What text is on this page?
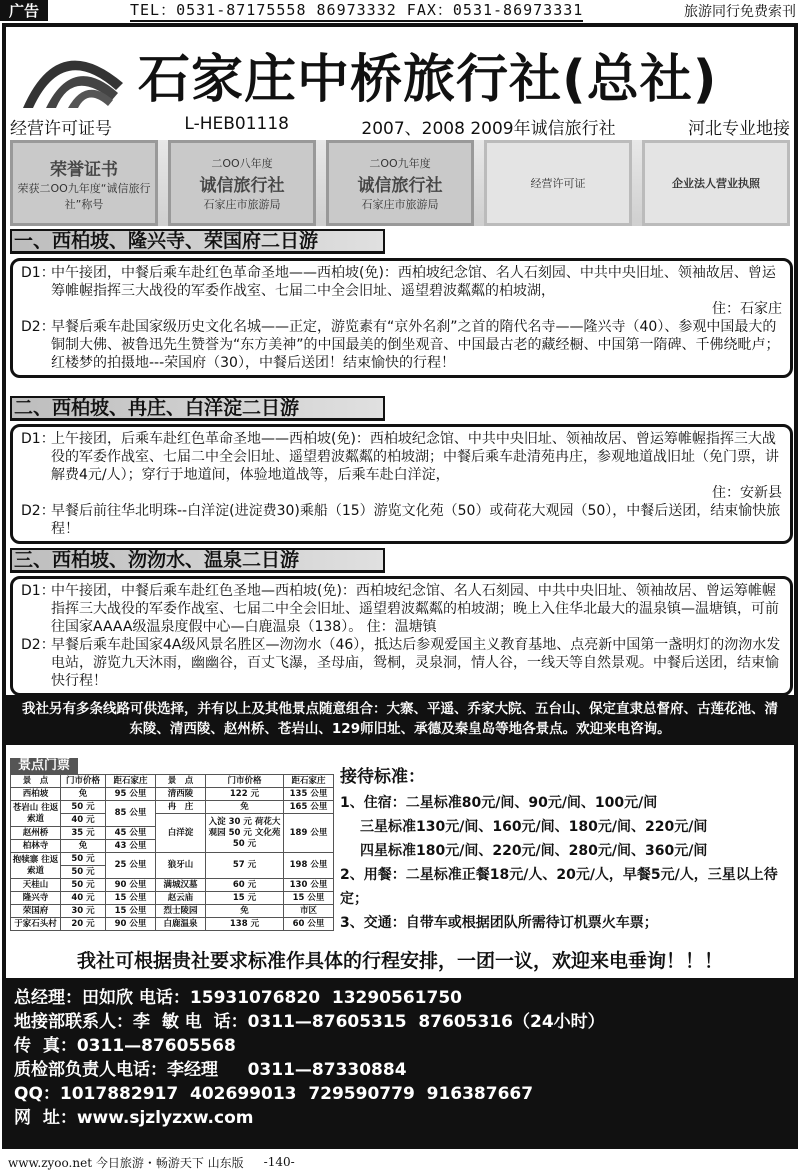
广告	TEL：0531-87175558 86973332 FAX：0531-86973331	旅游同行免费索刊
石家庄中桥旅行社(总社)
经营许可证号	L-HEB01118	2007、2008 2009年诚信旅行社	河北专业地接
荣誉证书
荣获二OO九年度“诚信旅行社”称号
二OO八年度
诚信旅行社
石家庄市旅游局
二OO九年度
诚信旅行社
石家庄市旅游局
经营许可证	企业法人营业执照
一、西柏坡、隆兴寺、荣国府二日游
D1：
中午接团，中餐后乘车赴红色革命圣地——西柏坡(免)：西柏坡纪念馆、名人石刻园、中共中央旧址、领袖故居、曾运筹帷幄指挥三大战役的军委作战室、七届二中全会旧址、遥望碧波粼粼的柏坡湖，
住：石家庄
D2：
早餐后乘车赴国家级历史文化名城——正定，游览素有“京外名刹”之首的隋代名寺——隆兴寺（40）、参观中国最大的铜制大佛、被鲁迅先生赞誉为“东方美神”的中国最美的倒坐观音、中国最古老的藏经橱、中国第一隋碑、千佛绕毗卢；红楼梦的拍摄地---荣国府（30），中餐后送团！结束愉快的行程！
二、西柏坡、冉庄、白洋淀二日游
D1：
上午接团，后乘车赴红色革命圣地——西柏坡(免)：西柏坡纪念馆、中共中央旧址、领袖故居、曾运筹帷幄指挥三大战役的军委作战室、七届二中全会旧址、遥望碧波粼粼的柏坡湖；中餐后乘车赴清苑冉庄，参观地道战旧址（免门票，讲解费4元/人）；穿行于地道间，体验地道战等，后乘车赴白洋淀，
住：安新县
D2：
早餐后前往华北明珠--白洋淀(进淀费30)乘船（15）游览文化苑（50）或荷花大观园（50），中餐后送团，结束愉快旅程！
三、西柏坡、沕沕水、温泉二日游
D1：
中午接团，中餐后乘车赴红色圣地—西柏坡(免)：西柏坡纪念馆、名人石刻园、中共中央旧址、领袖故居、曾运筹帷幄指挥三大战役的军委作战室、七届二中全会旧址、遥望碧波粼粼的柏坡湖；晚上入住华北最大的温泉镇—温塘镇，可前往国家AAAA级温泉度假中心—白鹿温泉（138）。 住：温塘镇
D2：
早餐后乘车赴国家4A级风景名胜区—沕沕水（46），抵达后参观爱国主义教育基地、点亮新中国第一盏明灯的沕沕水发电站，游览九天沐雨，幽幽谷，百丈飞瀑，圣母庙，鸳桐，灵泉洞，情人谷，一线天等自然景观。中餐后送团，结束愉快行程！
我社另有多条线路可供选择，并有以上及其他景点随意组合：大寨、平遥、乔家大院、五台山、保定直隶总督府、古莲花池、清东陵、清西陵、赵州桥、苍岩山、129师旧址、承德及秦皇岛等地各景点。欢迎来电咨询。
景点门票
景　点	门市价格	距石家庄	景　点	门市价格	距石家庄
西柏坡	免	95 公里	清西陵	122 元	135 公里
苍岩山 往返索道	50 元	85 公里	冉　庄	免	165 公里
	40 元		白洋淀	入淀 30 元 荷花大观园 50 元 文化苑 50 元	189 公里
赵州桥	35 元	45 公里			
柏林寺	免	43 公里			
抱犊寨 往返索道	50 元	25 公里	狼牙山	57 元	198 公里
	50 元				
天桂山	50 元	90 公里	满城汉墓	60 元	130 公里
隆兴寺	40 元	15 公里	赵云庙	15 元	15 公里
荣国府	30 元	15 公里	烈士陵园	免	市区
于家石头村	20 元	90 公里	白鹿温泉	138 元	60 公里
接待标准：
1、住宿：二星标准80元/间、90元/间、100元/间
三星标准130元/间、160元/间、180元/间、220元/间
四星标准180元/间、220元/间、280元/间、360元/间
2、用餐：二星标准正餐18元/人、20元/人，早餐5元/人，三星以上待定；
3、交通：自带车或根据团队所需待订机票火车票；
我社可根据贵社要求标准作具体的行程安排，一团一议，欢迎来电垂询！！！
总经理：田如欣 电话：15931076820  13290561750
地接部联系人：李  敏 电  话：0311—87605315  87605316（24小时）
传  真：0311—87605568
质检部负责人电话：李经理     0311—87330884
QQ：1017882917  402699013  729590779  916387667
网  址：www.sjzlyzxw.com
www.zyoo.net 今日旅游・畅游天下 山东版 -140-
